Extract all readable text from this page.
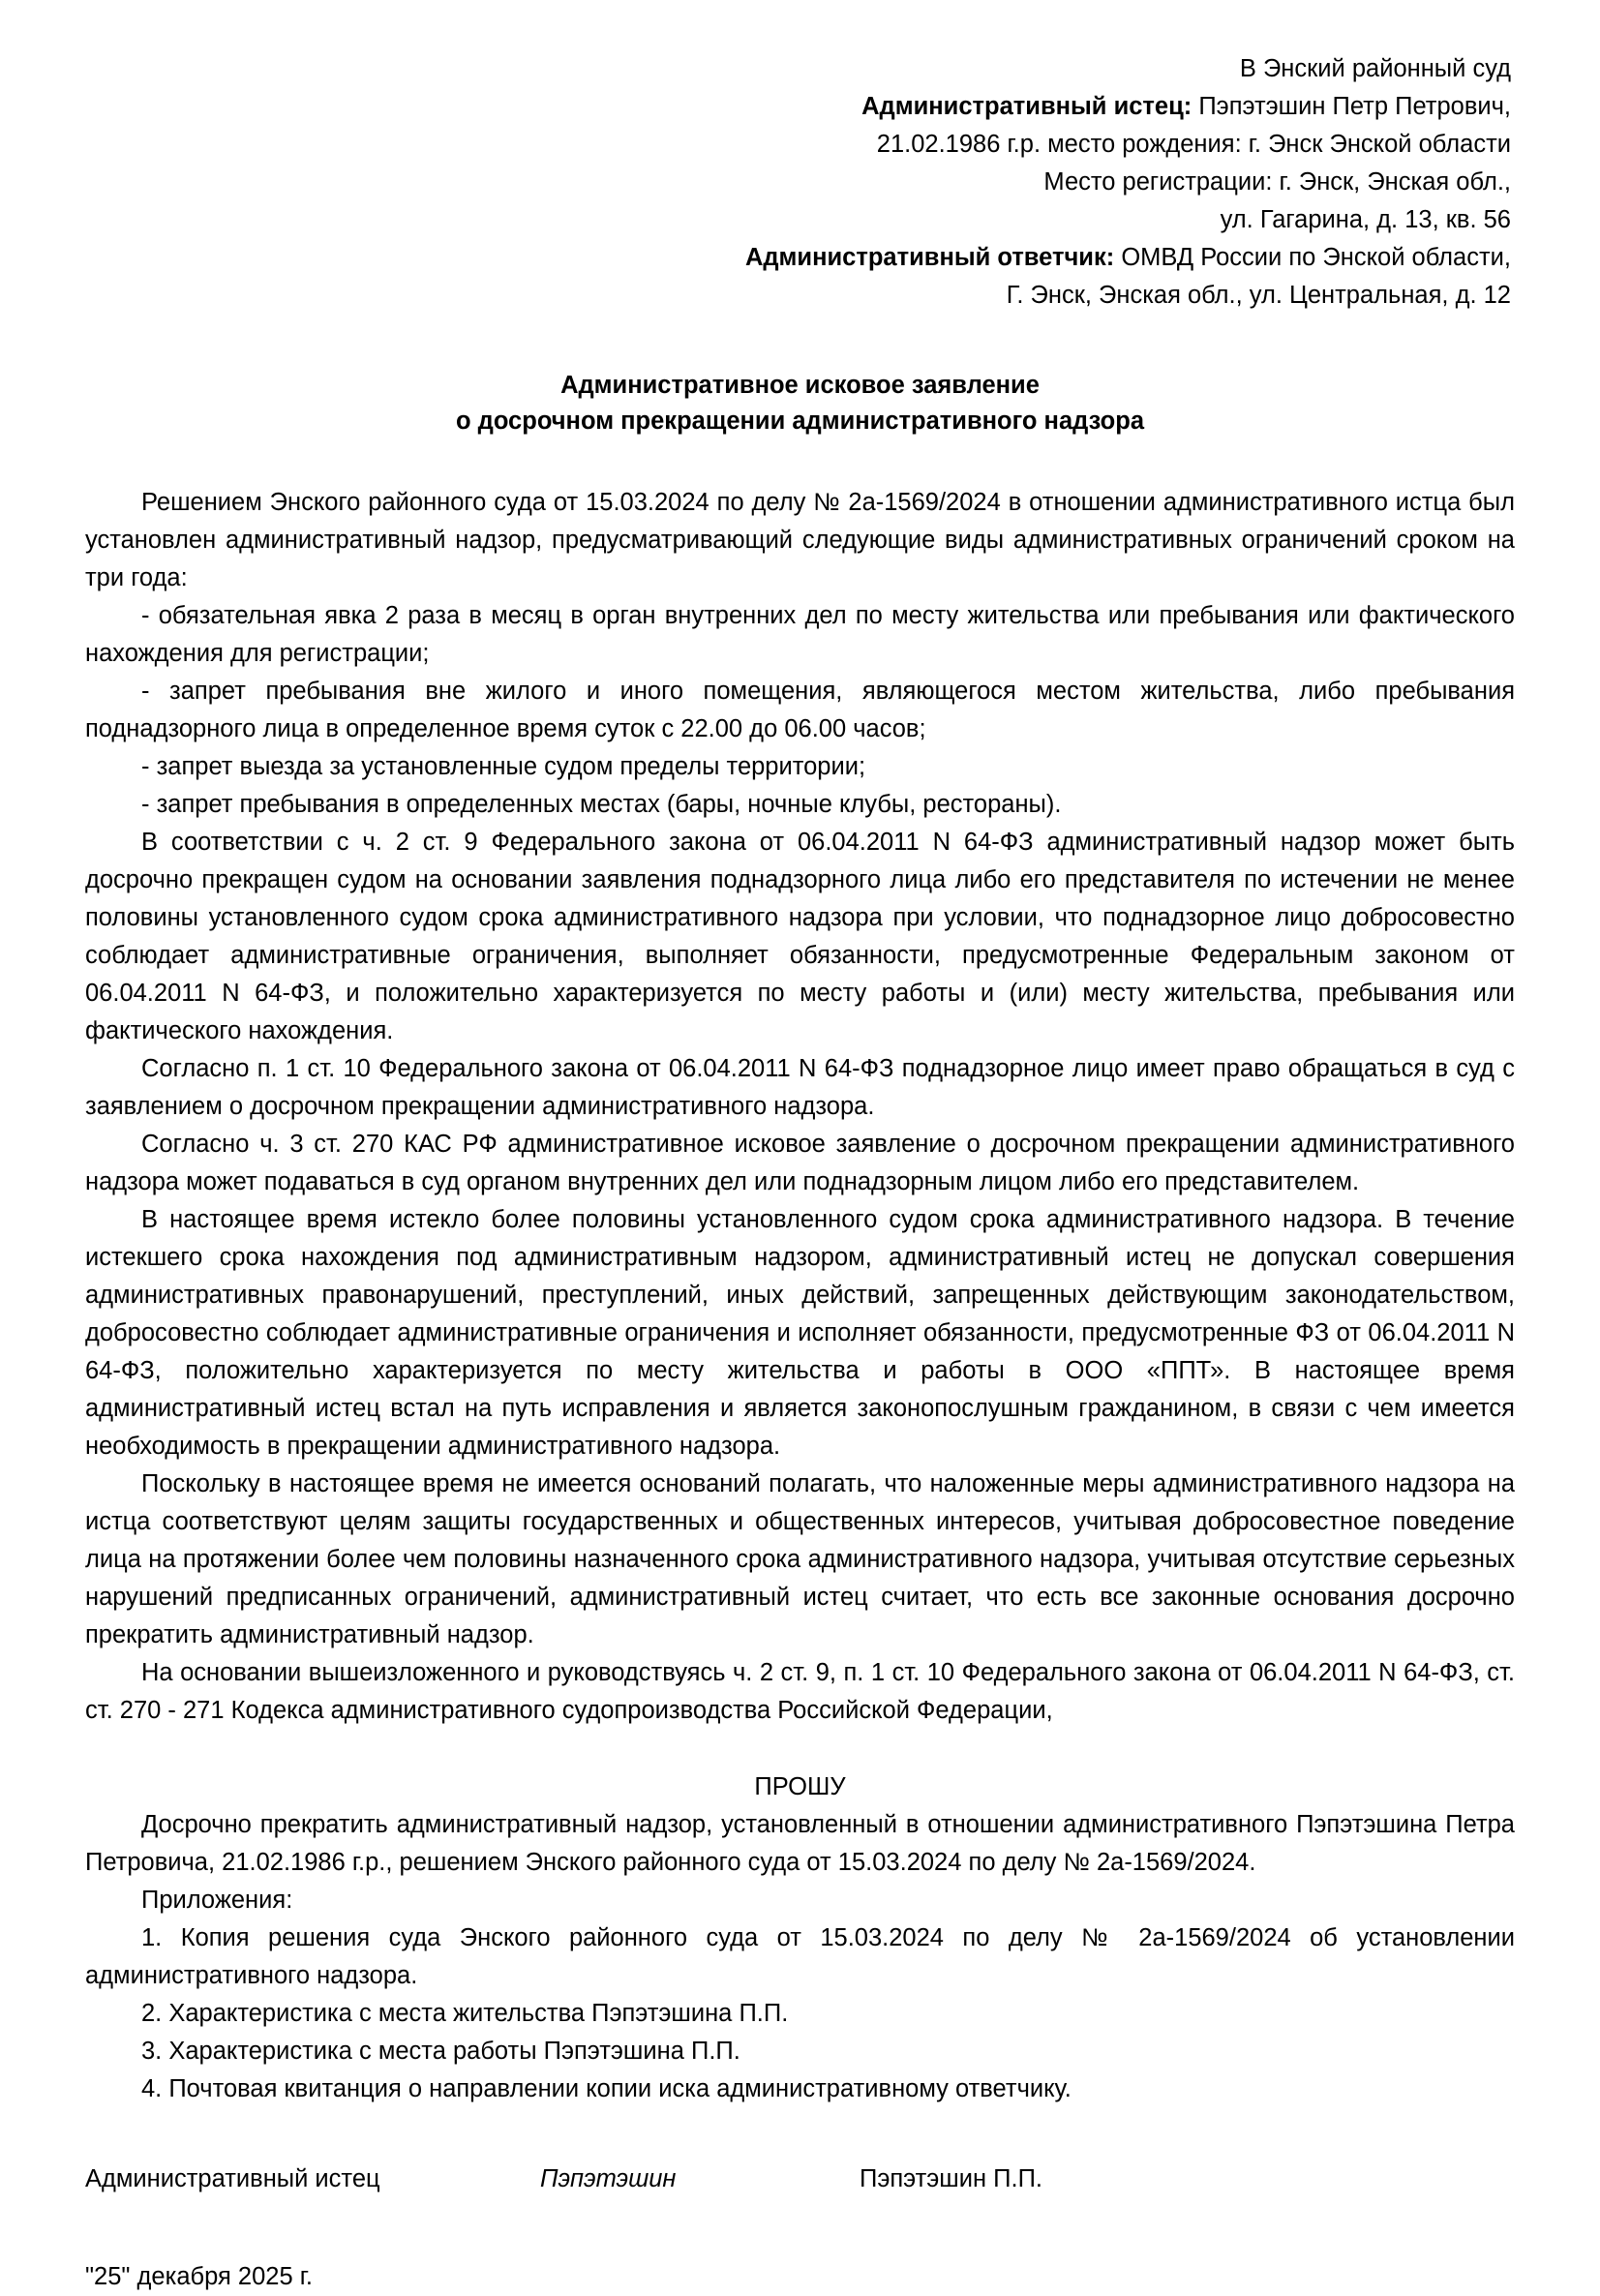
В Энский районный суд
Административный истец: Пэпэтэшин Петр Петрович,
21.02.1986 г.р. место рождения: г. Энск Энской области
Место регистрации: г. Энск, Энская обл.,
ул. Гагарина, д. 13, кв. 56
Административный ответчик: ОМВД России по Энской области,
Г. Энск, Энская обл., ул. Центральная, д. 12
Административное исковое заявление
о досрочном прекращении административного надзора

Решением Энского районного суда от 15.03.2024 по делу № 2а-1569/2024 в отношении административного истца был установлен административный надзор, предусматривающий следующие виды административных ограничений сроком на три года:

- обязательная явка 2 раза в месяц в орган внутренних дел по месту жительства или пребывания или фактического нахождения для регистрации;

- запрет пребывания вне жилого и иного помещения, являющегося местом жительства, либо пребывания поднадзорного лица в определенное время суток с 22.00 до 06.00 часов;

- запрет выезда за установленные судом пределы территории;

- запрет пребывания в определенных местах (бары, ночные клубы, рестораны).

В соответствии с ч. 2 ст. 9 Федерального закона от 06.04.2011 N 64-ФЗ административный надзор может быть досрочно прекращен судом на основании заявления поднадзорного лица либо его представителя по истечении не менее половины установленного судом срока административного надзора при условии, что поднадзорное лицо добросовестно соблюдает административные ограничения, выполняет обязанности, предусмотренные Федеральным законом от 06.04.2011 N 64-ФЗ, и положительно характеризуется по месту работы и (или) месту жительства, пребывания или фактического нахождения.

Согласно п. 1 ст. 10 Федерального закона от 06.04.2011 N 64-ФЗ поднадзорное лицо имеет право обращаться в суд с заявлением о досрочном прекращении административного надзора.

Согласно ч. 3 ст. 270 КАС РФ административное исковое заявление о досрочном прекращении административного надзора может подаваться в суд органом внутренних дел или поднадзорным лицом либо его представителем.

В настоящее время истекло более половины установленного судом срока административного надзора. В течение истекшего срока нахождения под административным надзором, административный истец не допускал совершения административных правонарушений, преступлений, иных действий, запрещенных действующим законодательством, добросовестно соблюдает административные ограничения и исполняет обязанности, предусмотренные ФЗ от 06.04.2011 N 64-ФЗ, положительно характеризуется по месту жительства и работы в ООО «ППТ». В настоящее время административный истец встал на путь исправления и является законопослушным гражданином, в связи с чем имеется необходимость в прекращении административного надзора.

Поскольку в настоящее время не имеется оснований полагать, что наложенные меры административного надзора на истца соответствуют целям защиты государственных и общественных интересов, учитывая добросовестное поведение лица на протяжении более чем половины назначенного срока административного надзора, учитывая отсутствие серьезных нарушений предписанных ограничений, административный истец считает, что есть все законные основания досрочно прекратить административный надзор.

На основании вышеизложенного и руководствуясь ч. 2 ст. 9, п. 1 ст. 10 Федерального закона от 06.04.2011 N 64-ФЗ, ст. ст. 270 - 271 Кодекса административного судопроизводства Российской Федерации,

ПРОШУ

Досрочно прекратить административный надзор, установленный в отношении административного Пэпэтэшина Петра Петровича, 21.02.1986 г.р., решением Энского районного суда от 15.03.2024 по делу № 2а-1569/2024.

Приложения:

1. Копия решения суда Энского районного суда от 15.03.2024 по делу № 2а-1569/2024 об установлении административного надзора.

2. Характеристика с места жительства Пэпэтэшина П.П.

3. Характеристика с места работы Пэпэтэшина П.П.

4. Почтовая квитанция о направлении копии иска административному ответчику.

Административный истец	Пэпэтэшин	Пэпэтэшин П.П.
"25" декабря 2025 г.
